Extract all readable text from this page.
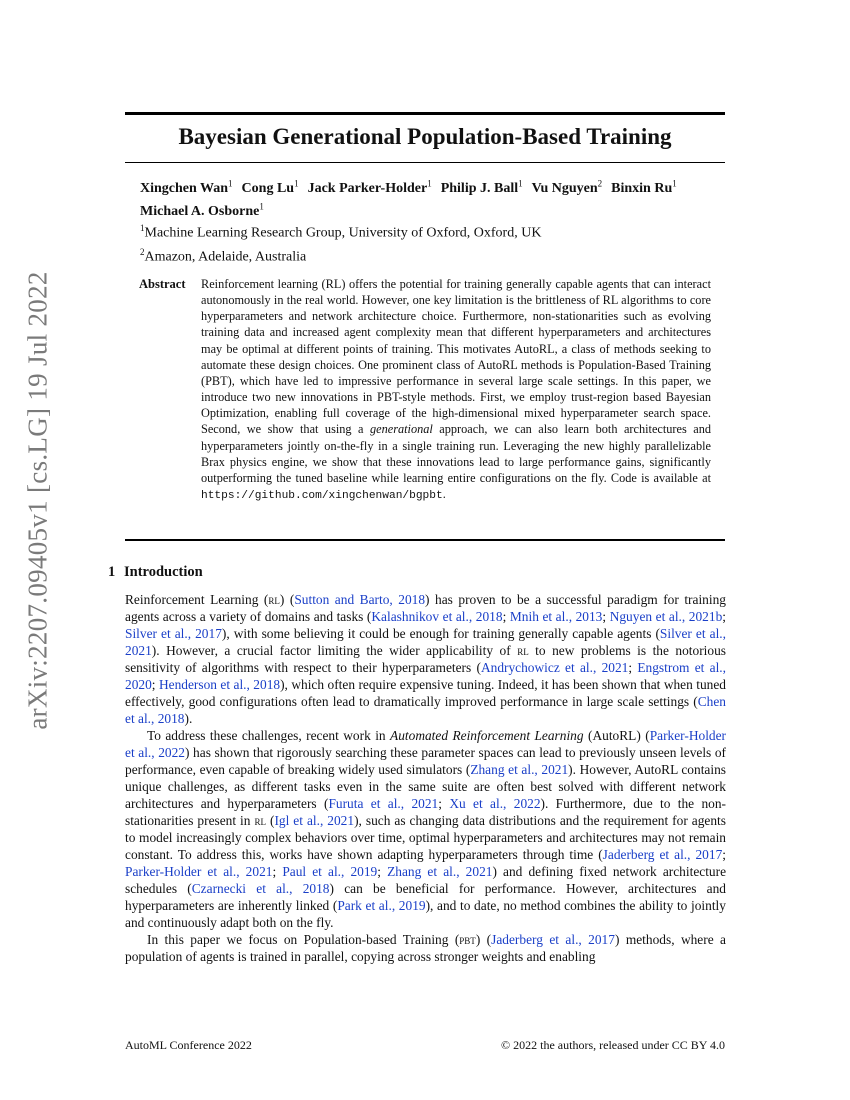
arXiv:2207.09405v1 [cs.LG] 19 Jul 2022
Bayesian Generational Population-Based Training
Xingchen Wan$^1$ Cong Lu$^1$ Jack Parker-Holder$^1$ Philip J. Ball$^1$ Vu Nguyen$^2$ Binxin Ru$^1$
Michael A. Osborne$^1$
$^1$Machine Learning Research Group, University of Oxford, Oxford, UK
$^2$Amazon, Adelaide, Australia
Abstract	Reinforcement learning (RL) offers the potential for training generally capable agents that can interact autonomously in the real world. However, one key limitation is the brittleness of RL algorithms to core hyperparameters and network architecture choice. Furthermore, non-stationarities such as evolving training data and increased agent complexity mean that different hyperparameters and architectures may be optimal at different points of training. This motivates AutoRL, a class of methods seeking to automate these design choices. One prominent class of AutoRL methods is Population-Based Training (PBT), which have led to impressive performance in several large scale settings. In this paper, we introduce two new innovations in PBT-style methods. First, we employ trust-region based Bayesian Optimization, enabling full coverage of the high-dimensional mixed hyperparameter search space. Second, we show that using a generational approach, we can also learn both architectures and hyperparameters jointly on-the-fly in a single training run. Leveraging the new highly parallelizable Brax physics engine, we show that these innovations lead to large performance gains, significantly outperforming the tuned baseline while learning entire configurations on the fly. Code is available at https://github.com/xingchenwan/bgpbt.
1 Introduction

Reinforcement Learning (rl) (Sutton and Barto, 2018) has proven to be a successful paradigm for training agents across a variety of domains and tasks (Kalashnikov et al., 2018; Mnih et al., 2013; Nguyen et al., 2021b; Silver et al., 2017), with some believing it could be enough for training generally capable agents (Silver et al., 2021). However, a crucial factor limiting the wider applicability of rl to new problems is the notorious sensitivity of algorithms with respect to their hyperparameters (Andrychowicz et al., 2021; Engstrom et al., 2020; Henderson et al., 2018), which often require expensive tuning. Indeed, it has been shown that when tuned effectively, good configurations often lead to dramatically improved performance in large scale settings (Chen et al., 2018).

To address these challenges, recent work in Automated Reinforcement Learning (AutoRL) (Parker-Holder et al., 2022) has shown that rigorously searching these parameter spaces can lead to previously unseen levels of performance, even capable of breaking widely used simulators (Zhang et al., 2021). However, AutoRL contains unique challenges, as different tasks even in the same suite are often best solved with different network architectures and hyperparameters (Furuta et al., 2021; Xu et al., 2022). Furthermore, due to the non-stationarities present in rl (Igl et al., 2021), such as changing data distributions and the requirement for agents to model increasingly complex behaviors over time, optimal hyperparameters and architectures may not remain constant. To address this, works have shown adapting hyperparameters through time (Jaderberg et al., 2017; Parker-Holder et al., 2021; Paul et al., 2019; Zhang et al., 2021) and defining fixed network architecture schedules (Czarnecki et al., 2018) can be beneficial for performance. However, architectures and hyperparameters are inherently linked (Park et al., 2019), and to date, no method combines the ability to jointly and continuously adapt both on the fly.

In this paper we focus on Population-based Training (pbt) (Jaderberg et al., 2017) methods, where a population of agents is trained in parallel, copying across stronger weights and enabling

AutoML Conference 2022	© 2022 the authors, released under CC BY 4.0
